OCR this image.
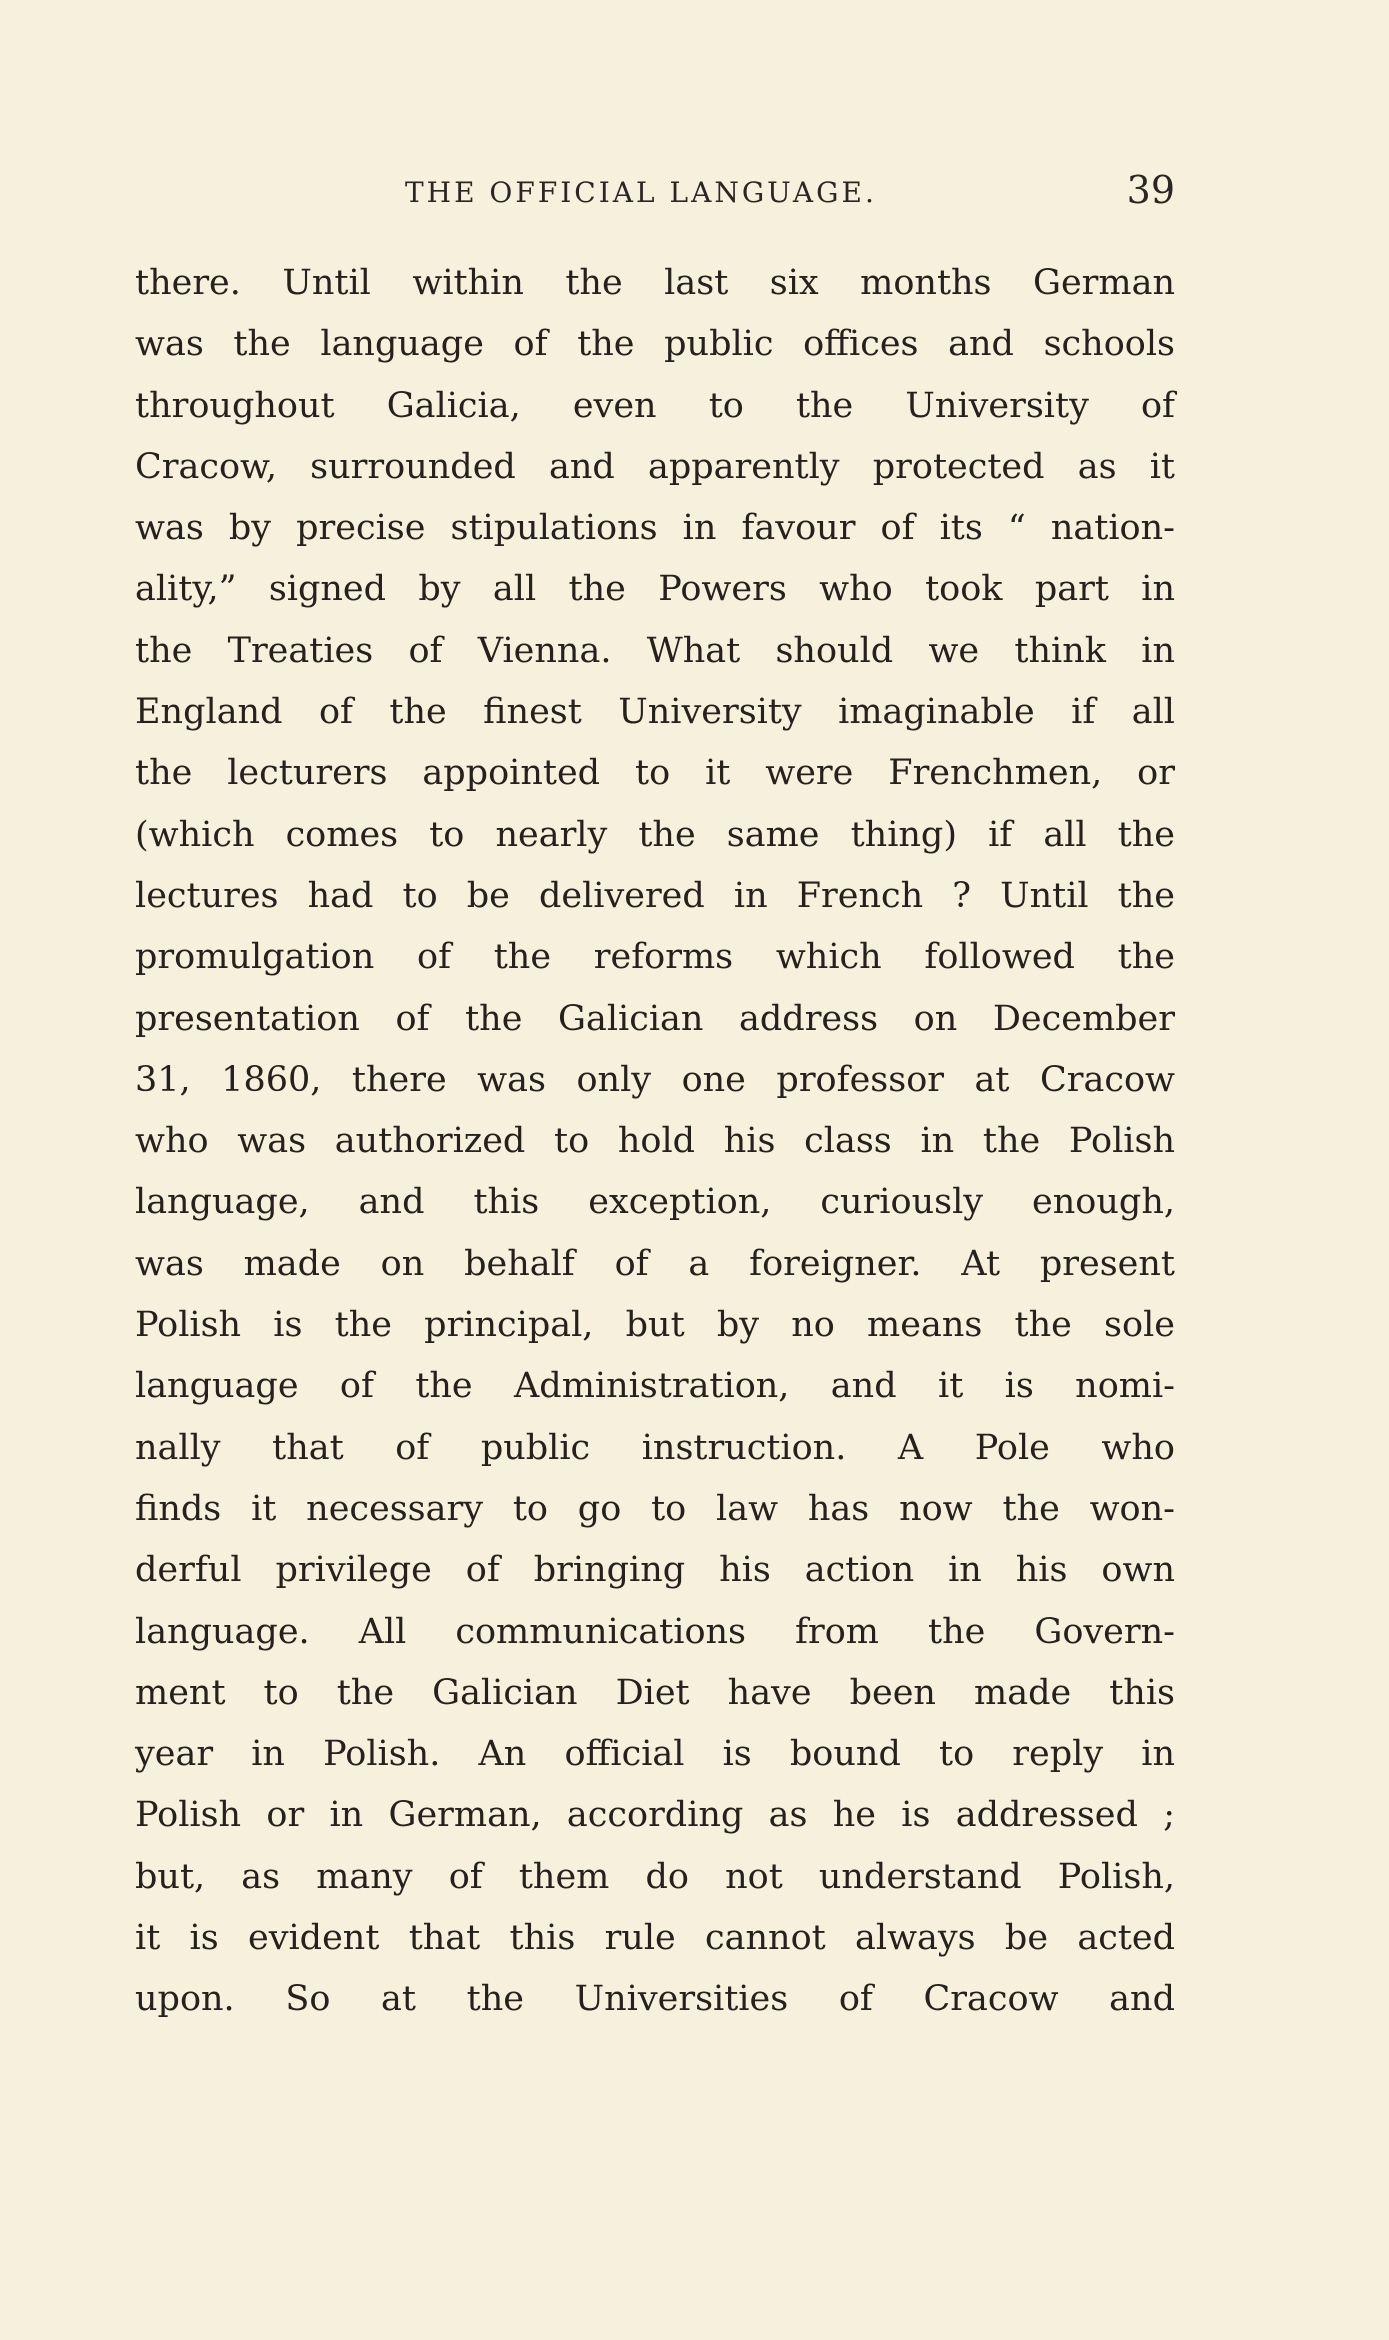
THE OFFICIAL LANGUAGE.	39
there. Until within the last six months German
was the language of the public offices and schools
throughout Galicia, even to the University of
Cracow, surrounded and apparently protected as it
was by precise stipulations in favour of its “ nation-
ality,” signed by all the Powers who took part in
the Treaties of Vienna. What should we think in
England of the finest University imaginable if all
the lecturers appointed to it were Frenchmen, or
(which comes to nearly the same thing) if all the
lectures had to be delivered in French ? Until the
promulgation of the reforms which followed the
presentation of the Galician address on December
31, 1860, there was only one professor at Cracow
who was authorized to hold his class in the Polish
language, and this exception, curiously enough,
was made on behalf of a foreigner. At present
Polish is the principal, but by no means the sole
language of the Administration, and it is nomi-
nally that of public instruction. A Pole who
finds it necessary to go to law has now the won-
derful privilege of bringing his action in his own
language. All communications from the Govern-
ment to the Galician Diet have been made this
year in Polish. An official is bound to reply in
Polish or in German, according as he is addressed ;
but, as many of them do not understand Polish,
it is evident that this rule cannot always be acted
upon. So at the Universities of Cracow and
